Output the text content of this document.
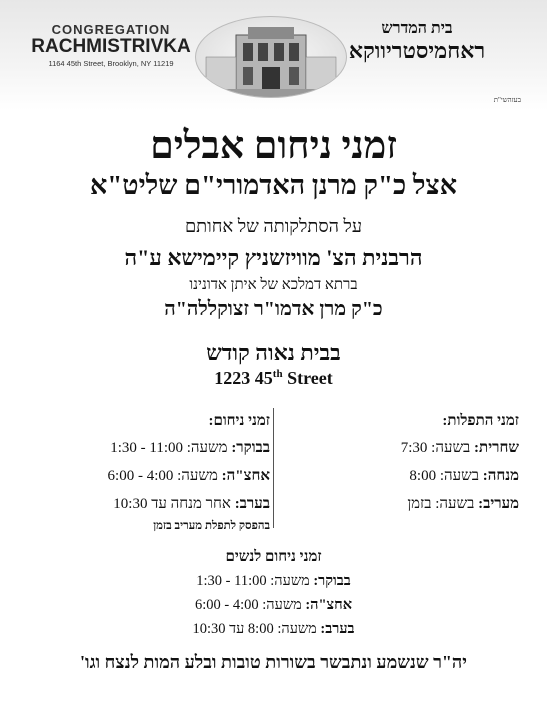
CONGREGATION
RACHMISTRIVKA
1164 45th Street, Brooklyn, NY 11219
בית המדרש
ראחמיסטריווקא
בעזהשי"ת
זמני ניחום אבלים
אצל כ"ק מרנן האדמורי"ם שליט"א
על הסתלקותה של אחותם
הרבנית הצ' מוויזשניץ קיימישא ע"ה
ברתא דמלכא של איתן אדונינו
כ"ק מרן אדמו"ר זצוקללה"ה
בבית נאוה קודש
1223 45th Street
זמני התפלות:
שחרית: בשעה: 7:30
מנחה: בשעה: 8:00
מעריב: בשעה: בזמן
זמני ניחום:
בבוקר: משעה: 11:00 - 1:30
אחצ"ה: משעה: 4:00 - 6:00
בערב: אחר מנחה עד 10:30
בהפסק לתפלת מעריב בזמן
זמני ניחום לנשים
בבוקר: משעה: 11:00 - 1:30
אחצ"ה: משעה: 4:00 - 6:00
בערב: משעה: 8:00 עד 10:30
יה"ר שנשמע ונתבשר בשורות טובות ובלע המות לנצח וגו'
